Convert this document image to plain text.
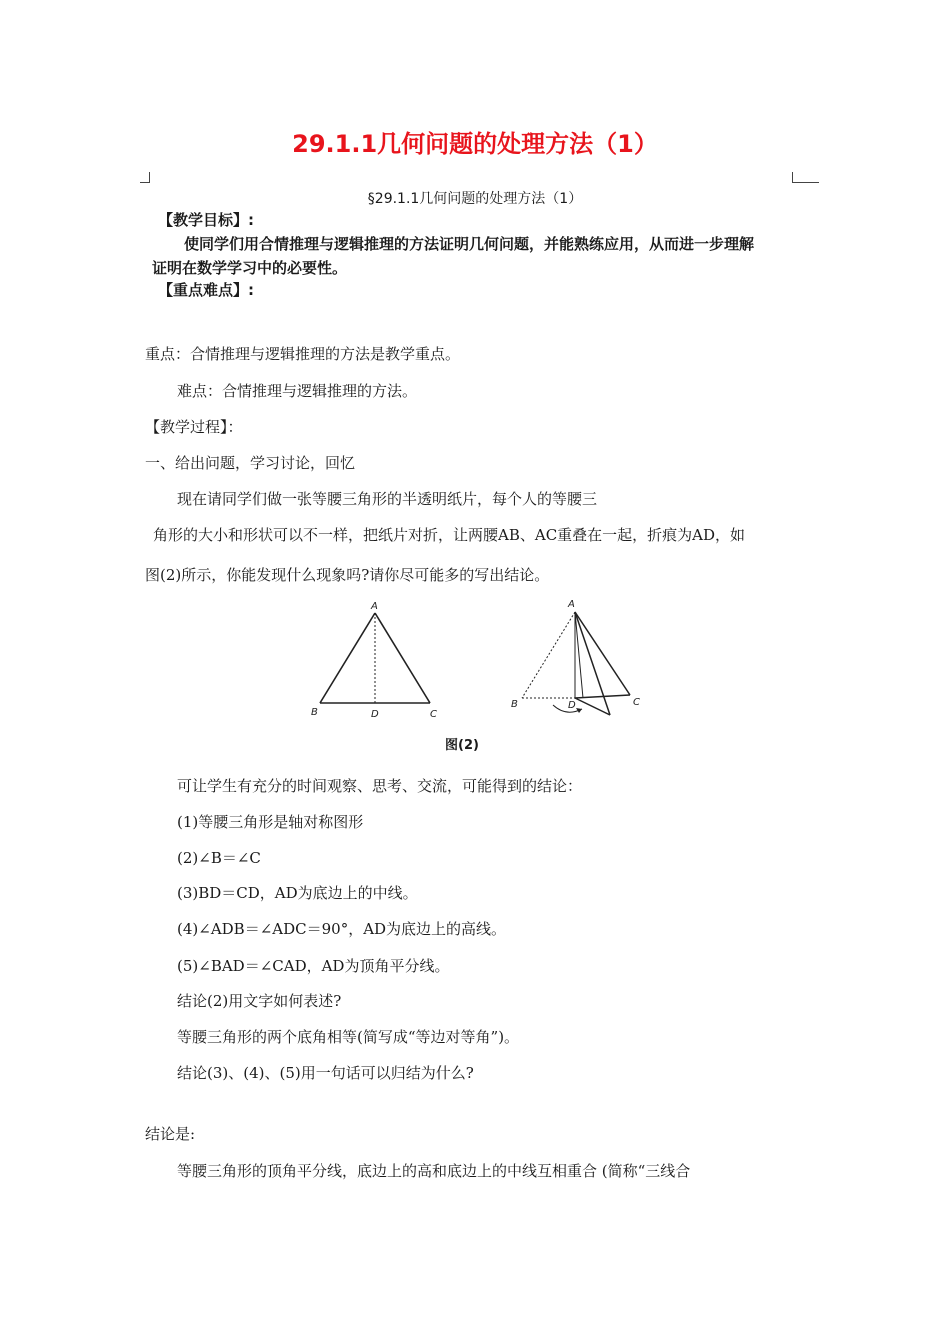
29.1.1几何问题的处理方法（1）
§29.1.1几何问题的处理方法（1）
【教学目标】:
使同学们用合情推理与逻辑推理的方法证明几何问题，并能熟练应用，从而进一步理解
证明在数学学习中的必要性。
【重点难点】:
重点：合情推理与逻辑推理的方法是教学重点。
难点：合情推理与逻辑推理的方法。
【教学过程】：
一、给出问题，学习讨论，回忆
现在请同学们做一张等腰三角形的半透明纸片，每个人的等腰三
角形的大小和形状可以不一样，把纸片对折，让两腰AB、AC重叠在一起，折痕为AD，如
图(2)所示，你能发现什么现象吗?请你尽可能多的写出结论。
A
B	D	C
A
B	D	C
图(2)
可让学生有充分的时间观察、思考、交流，可能得到的结论：
(1)等腰三角形是轴对称图形
(2)∠B＝∠C
(3)BD＝CD，AD为底边上的中线。
(4)∠ADB＝∠ADC＝90°，AD为底边上的高线。
(5)∠BAD＝∠CAD，AD为顶角平分线。
结论(2)用文字如何表述?
等腰三角形的两个底角相等(简写成“等边对等角”)。
结论(3)、(4)、(5)用一句话可以归结为什么?
结论是:
等腰三角形的顶角平分线，底边上的高和底边上的中线互相重合 (简称“三线合
